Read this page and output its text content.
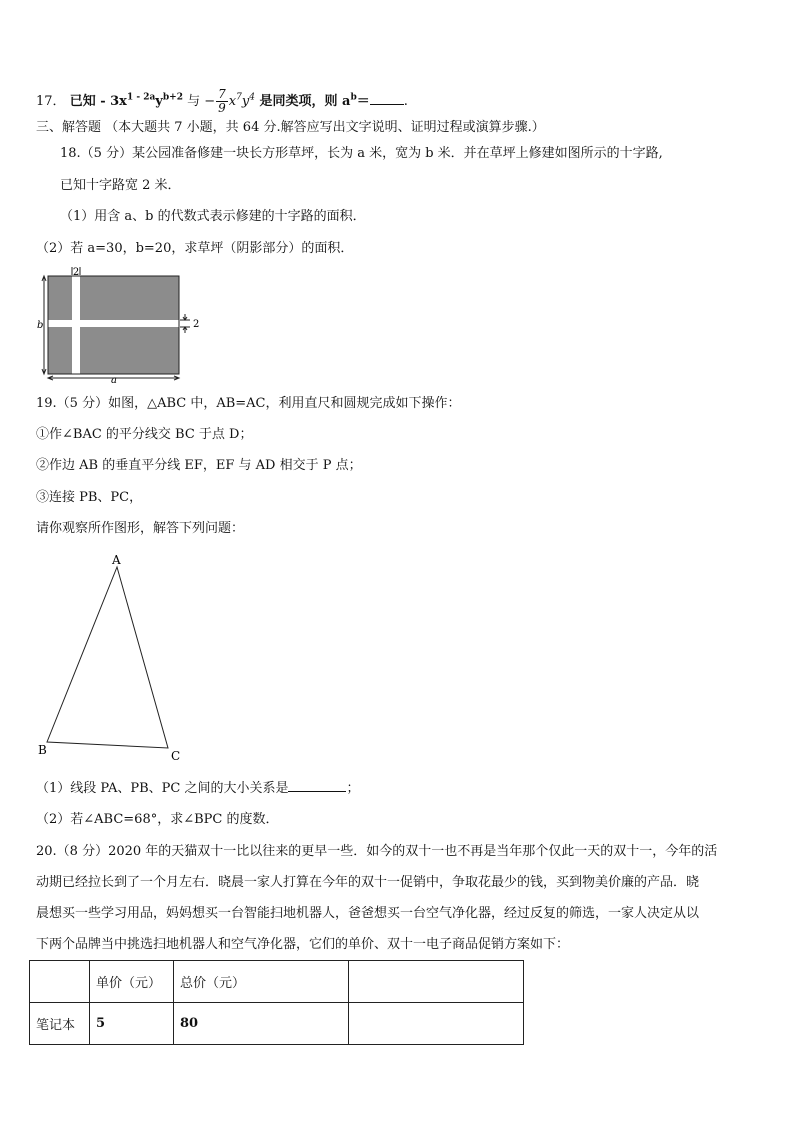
17． 已知 - $3x^{1 - 2a}y^{b+2}$ 与 − $\frac{7}{9} x^7y^4$ 是同类项，则 $a^b=$	.
三、解答题 （本大题共 7 小题，共 64 分.解答应写出文字说明、证明过程或演算步骤.）
18.（5 分）某公园准备修建一块长方形草坪，长为 a 米，宽为 b 米．并在草坪上修建如图所示的十字路,
已知十字路宽 2 米．
（1）用含 a、b 的代数式表示修建的十字路的面积．
（2）若 a=30，b=20，求草坪（阴影部分）的面积．
2
2
b
a
19.（5 分）如图，△ABC 中，AB=AC，利用直尺和圆规完成如下操作：
①作∠BAC 的平分线交 BC 于点 D；
②作边 AB 的垂直平分线 EF，EF 与 AD 相交于 P 点；
③连接 PB、PC，
请你观察所作图形，解答下列问题：
A
B	C
（1）线段 PA、PB、PC 之间的大小关系是	；
（2）若∠ABC=68°，求∠BPC 的度数．
20.（8 分）2020 年的天猫双十一比以往来的更早一些．如今的双十一也不再是当年那个仅此一天的双十一，今年的活
动期已经拉长到了一个月左右．晓晨一家人打算在今年的双十一促销中，争取花最少的钱，买到物美价廉的产品．晓
晨想买一些学习用品，妈妈想买一台智能扫地机器人，爸爸想买一台空气净化器，经过反复的筛选，一家人决定从以
下两个品牌当中挑选扫地机器人和空气净化器，它们的单价、双十一电子商品促销方案如下：
	单价（元）	总价（元）	
笔记本	5	80	
